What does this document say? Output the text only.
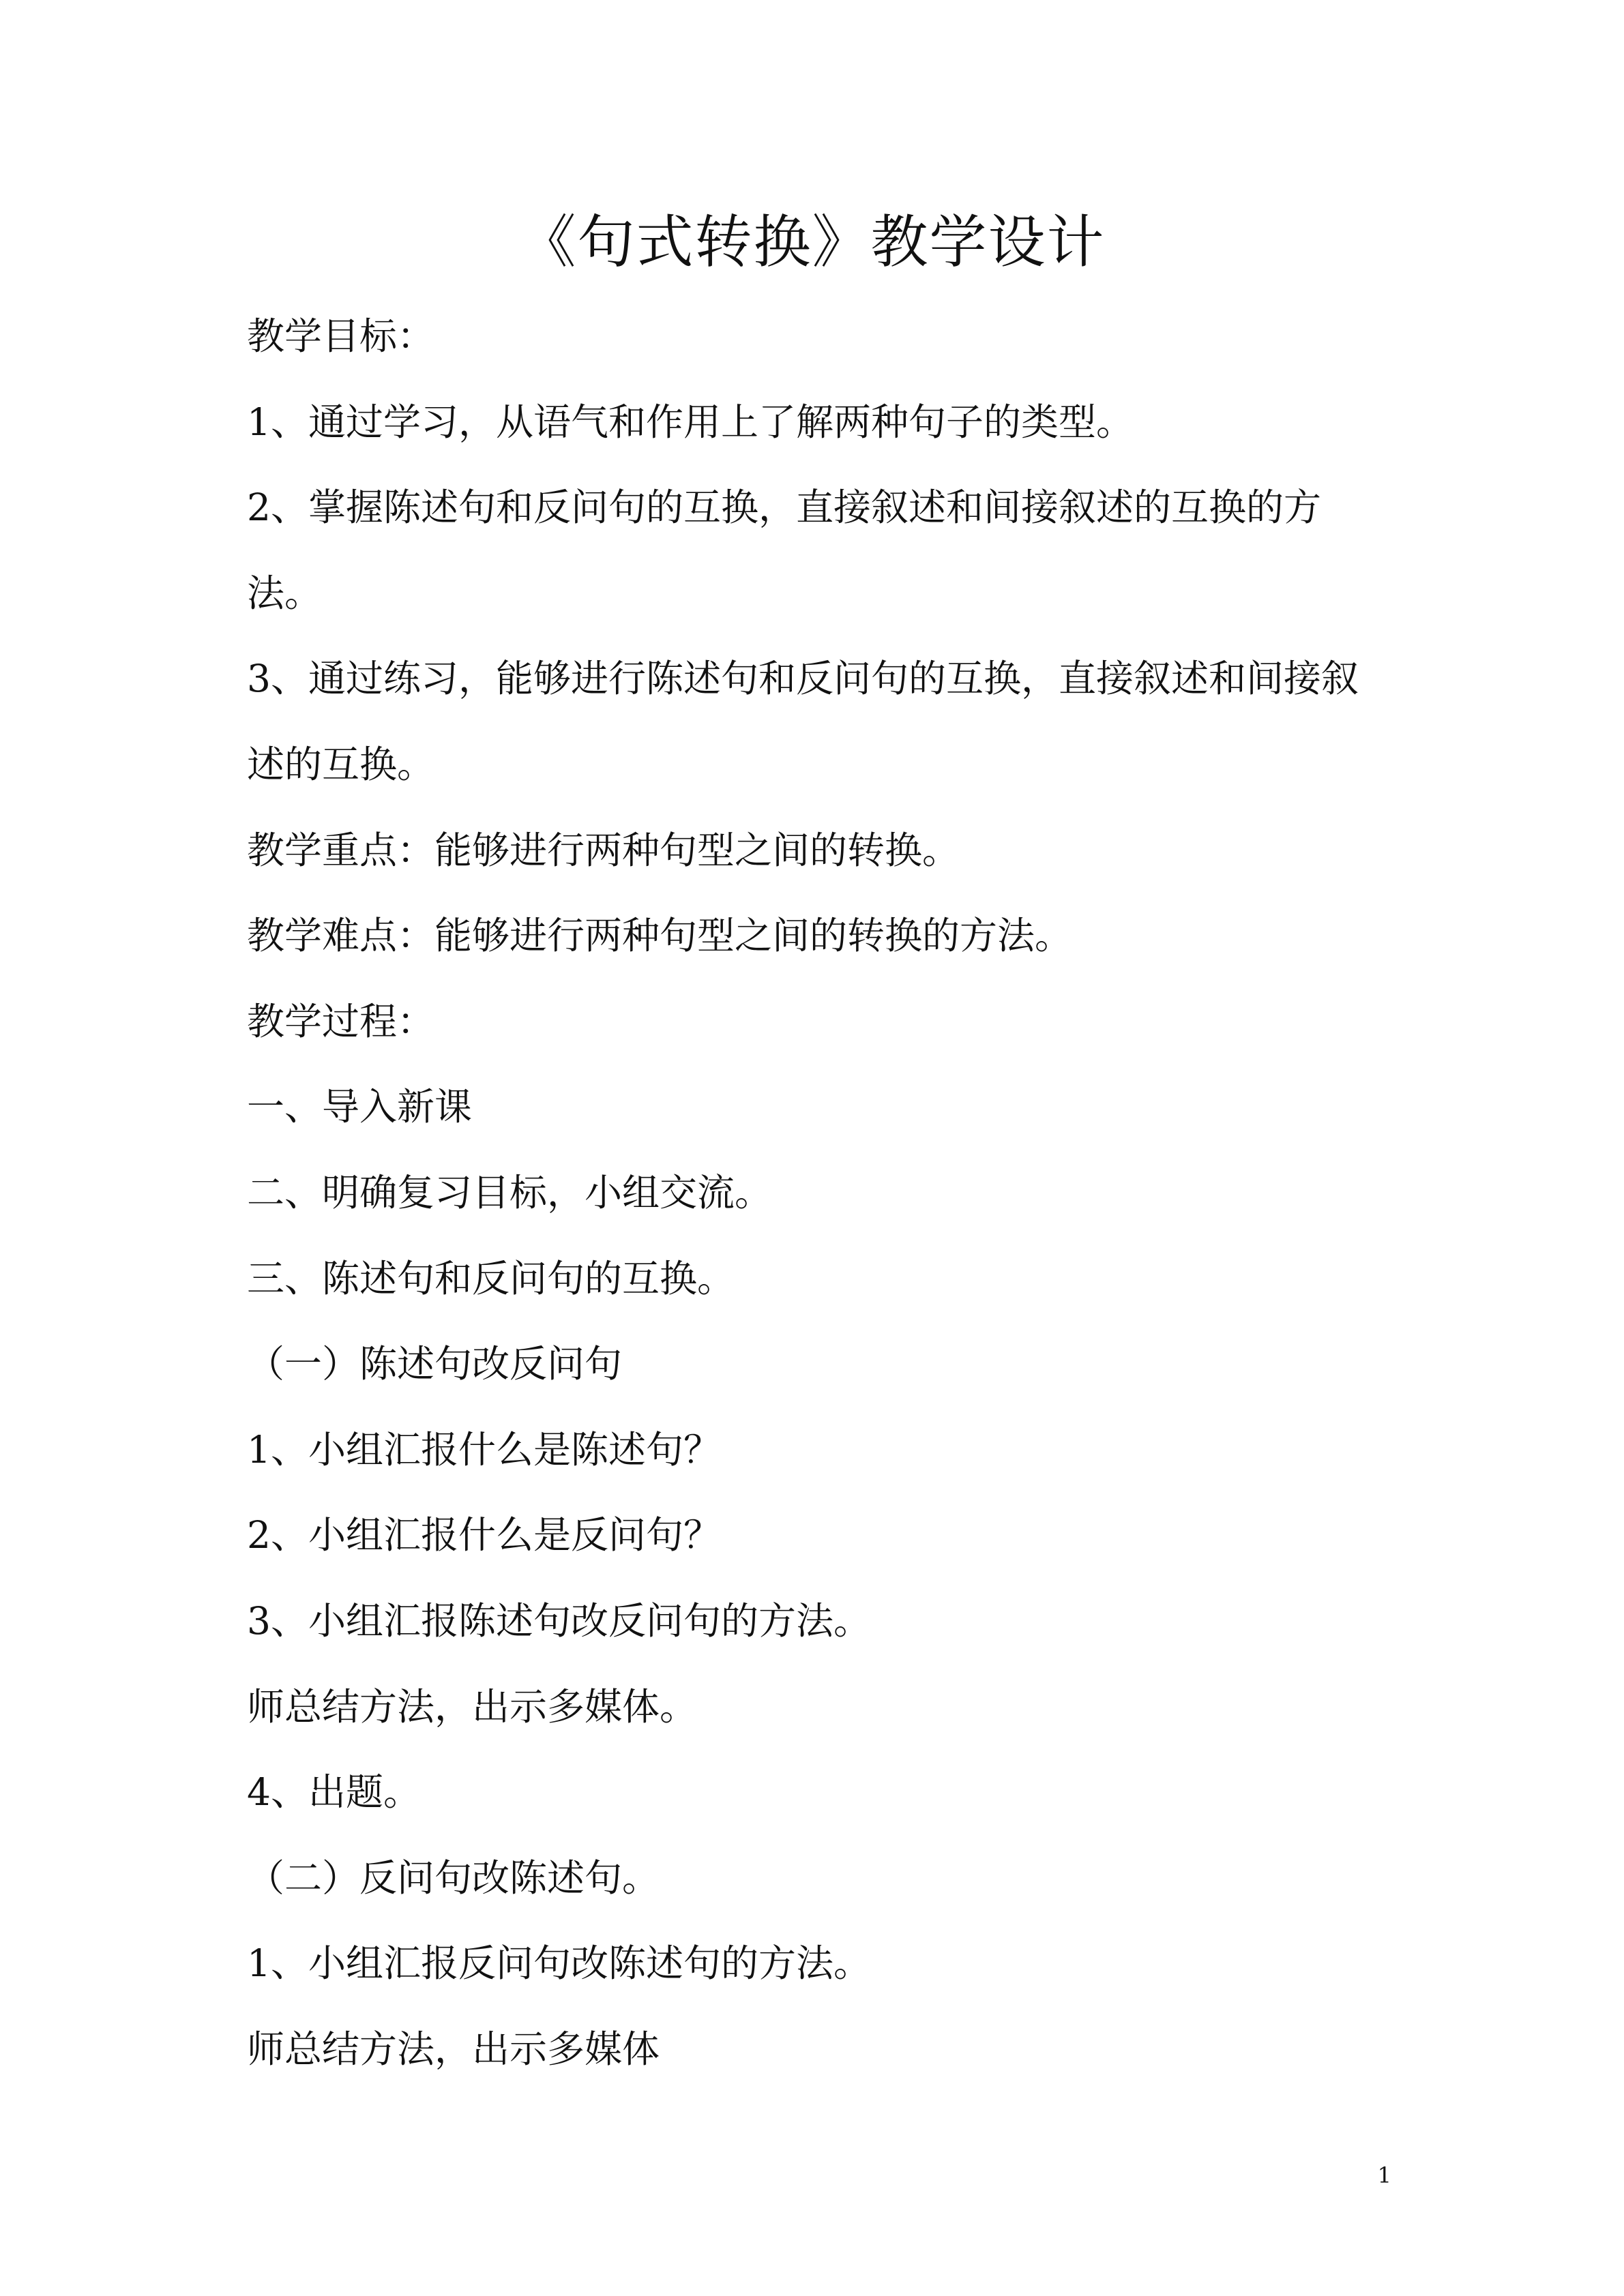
《句式转换》教学设计
教学目标：
1、通过学习，从语气和作用上了解两种句子的类型。
2、掌握陈述句和反问句的互换，直接叙述和间接叙述的互换的方
法。
3、通过练习，能够进行陈述句和反问句的互换，直接叙述和间接叙
述的互换。
教学重点：能够进行两种句型之间的转换。
教学难点：能够进行两种句型之间的转换的方法。
教学过程：
一、导入新课
二、明确复习目标，小组交流。
三、陈述句和反问句的互换。
（一）陈述句改反问句
1、小组汇报什么是陈述句？
2、小组汇报什么是反问句？
3、小组汇报陈述句改反问句的方法。
师总结方法，出示多媒体。
4、出题。
（二）反问句改陈述句。
1、小组汇报反问句改陈述句的方法。
师总结方法，出示多媒体
1
